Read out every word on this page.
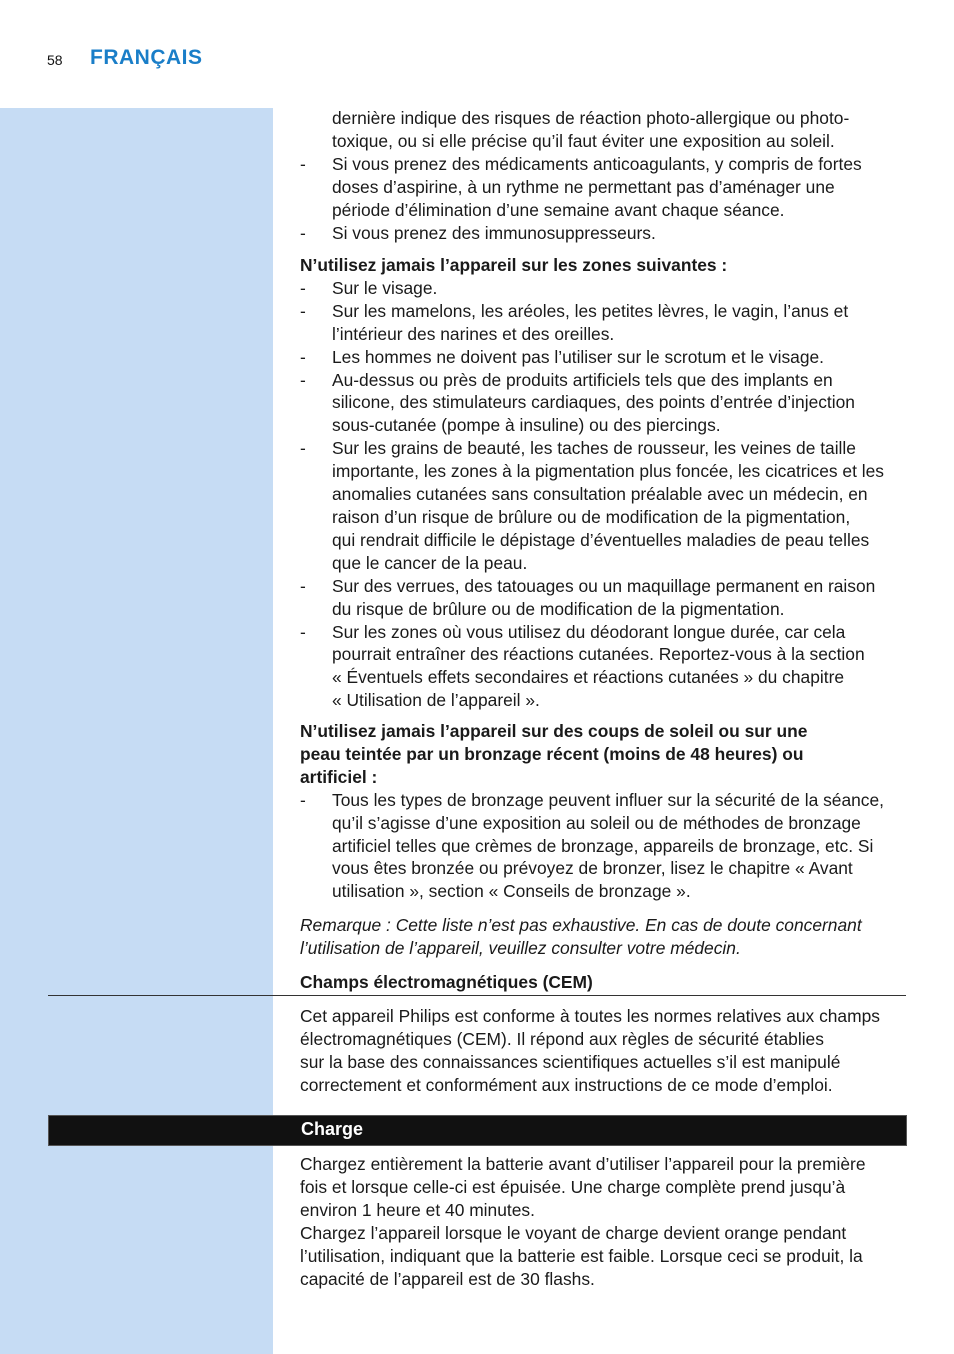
58 FRANÇAIS
dernière indique des risques de réaction photo-allergique ou photo-
toxique, ou si elle précise qu’il faut éviter une exposition au soleil.
- Si vous prenez des médicaments anticoagulants, y compris de fortes
doses d’aspirine, à un rythme ne permettant pas d’aménager une
période d’élimination d’une semaine avant chaque séance.
- Si vous prenez des immunosuppresseurs.
N’utilisez jamais l’appareil sur les zones suivantes :
- Sur le visage.
- Sur les mamelons, les aréoles, les petites lèvres, le vagin, l’anus et
l’intérieur des narines et des oreilles.
- Les hommes ne doivent pas l’utiliser sur le scrotum et le visage.
- Au-dessus ou près de produits artificiels tels que des implants en
silicone, des stimulateurs cardiaques, des points d’entrée d’injection
sous-cutanée (pompe à insuline) ou des piercings.
- Sur les grains de beauté, les taches de rousseur, les veines de taille
importante, les zones à la pigmentation plus foncée, les cicatrices et les
anomalies cutanées sans consultation préalable avec un médecin, en
raison d’un risque de brûlure ou de modification de la pigmentation,
qui rendrait difficile le dépistage d’éventuelles maladies de peau telles
que le cancer de la peau.
- Sur des verrues, des tatouages ou un maquillage permanent en raison
du risque de brûlure ou de modification de la pigmentation.
- Sur les zones où vous utilisez du déodorant longue durée, car cela
pourrait entraîner des réactions cutanées. Reportez-vous à la section
« Éventuels effets secondaires et réactions cutanées » du chapitre
« Utilisation de l’appareil ».
N’utilisez jamais l’appareil sur des coups de soleil ou sur une
peau teintée par un bronzage récent (moins de 48 heures) ou
artificiel :
- Tous les types de bronzage peuvent influer sur la sécurité de la séance,
qu’il s’agisse d’une exposition au soleil ou de méthodes de bronzage
artificiel telles que crèmes de bronzage, appareils de bronzage, etc. Si
vous êtes bronzée ou prévoyez de bronzer, lisez le chapitre « Avant
utilisation », section « Conseils de bronzage ».
Remarque : Cette liste n’est pas exhaustive. En cas de doute concernant
l’utilisation de l’appareil, veuillez consulter votre médecin.
Champs électromagnétiques (CEM)
Cet appareil Philips est conforme à toutes les normes relatives aux champs
électromagnétiques (CEM). Il répond aux règles de sécurité établies
sur la base des connaissances scientifiques actuelles s’il est manipulé
correctement et conformément aux instructions de ce mode d’emploi.
Charge
Chargez entièrement la batterie avant d’utiliser l’appareil pour la première
fois et lorsque celle-ci est épuisée. Une charge complète prend jusqu’à
environ 1 heure et 40 minutes.
Chargez l’appareil lorsque le voyant de charge devient orange pendant
l’utilisation, indiquant que la batterie est faible. Lorsque ceci se produit, la
capacité de l’appareil est de 30 flashs.
